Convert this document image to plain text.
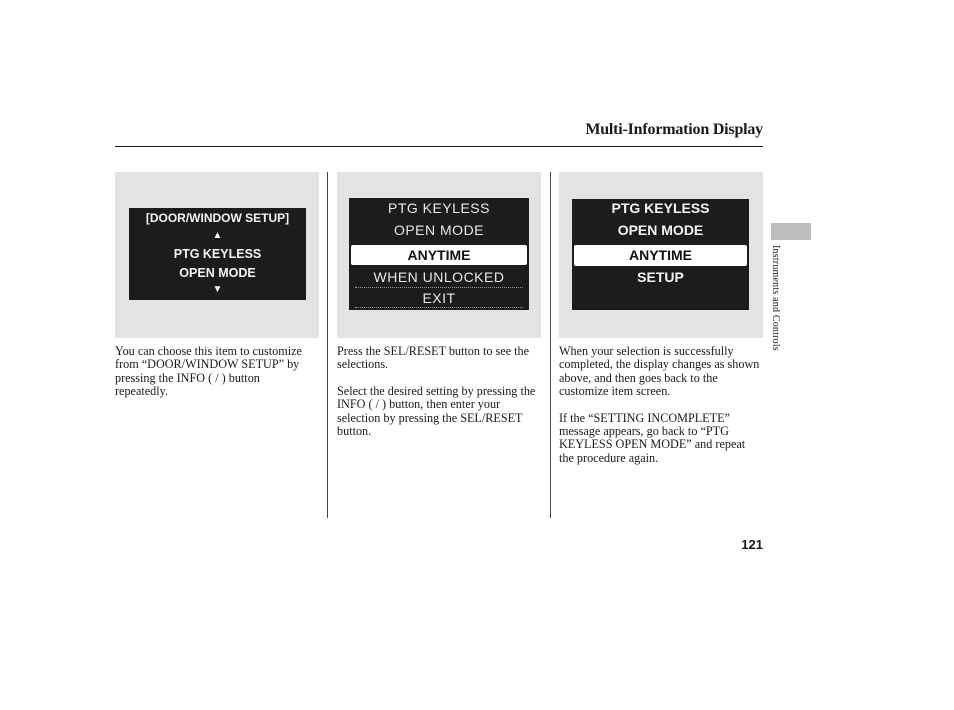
Multi-Information Display
[DOOR/WINDOW SETUP]
▲
PTG KEYLESS
OPEN MODE
▼
PTG KEYLESS
OPEN MODE
ANYTIME
WHEN UNLOCKED
EXIT
PTG KEYLESS
OPEN MODE
ANYTIME
SETUP

You can choose this item to customize from “DOOR/WINDOW SETUP” by pressing the INFO ( / ) button repeatedly.

Press the SEL/RESET button to see the selections.

Select the desired setting by pressing the INFO ( / ) button, then enter your selection by pressing the SEL/RESET button.

When your selection is successfully completed, the display changes as shown above, and then goes back to the customize item screen.

If the “SETTING INCOMPLETE” message appears, go back to “PTG KEYLESS OPEN MODE” and repeat the procedure again.

Instruments and Controls
121
